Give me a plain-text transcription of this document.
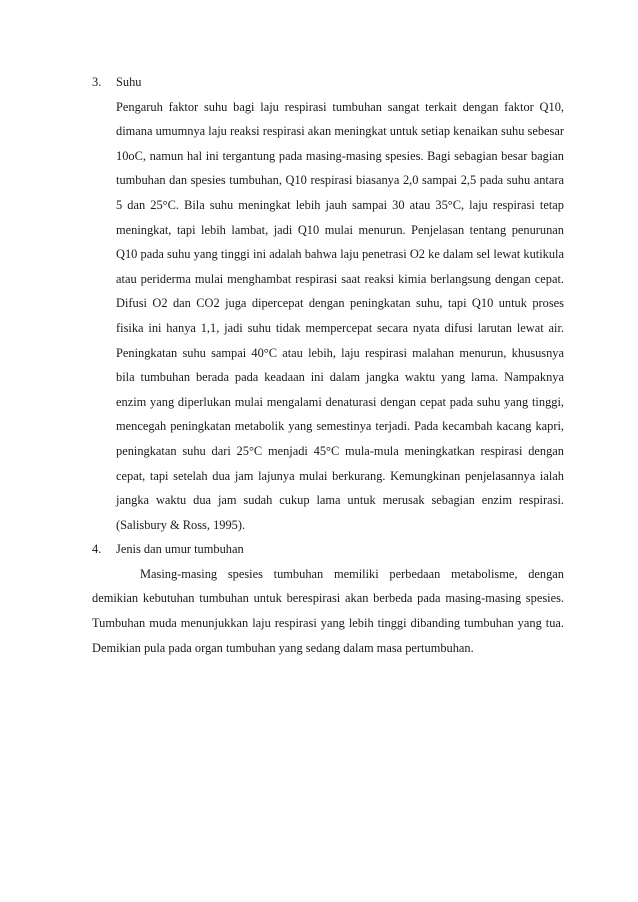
3. Suhu
Pengaruh faktor suhu bagi laju respirasi tumbuhan sangat terkait dengan faktor Q10, dimana umumnya laju reaksi respirasi akan meningkat untuk setiap kenaikan suhu sebesar 10oC, namun hal ini tergantung pada masing-masing spesies. Bagi sebagian besar bagian tumbuhan dan spesies tumbuhan, Q10 respirasi biasanya 2,0 sampai 2,5 pada suhu antara 5 dan 25°C. Bila suhu meningkat lebih jauh sampai 30 atau 35°C, laju respirasi tetap meningkat, tapi lebih lambat, jadi Q10 mulai menurun. Penjelasan tentang penurunan Q10 pada suhu yang tinggi ini adalah bahwa laju penetrasi O2 ke dalam sel lewat kutikula atau periderma mulai menghambat respirasi saat reaksi kimia berlangsung dengan cepat. Difusi O2 dan CO2 juga dipercepat dengan peningkatan suhu, tapi Q10 untuk proses fisika ini hanya 1,1, jadi suhu tidak mempercepat secara nyata difusi larutan lewat air. Peningkatan suhu sampai 40°C atau lebih, laju respirasi malahan menurun, khususnya bila tumbuhan berada pada keadaan ini dalam jangka waktu yang lama. Nampaknya enzim yang diperlukan mulai mengalami denaturasi dengan cepat pada suhu yang tinggi, mencegah peningkatan metabolik yang semestinya terjadi. Pada kecambah kacang kapri, peningkatan suhu dari 25°C menjadi 45°C mula-mula meningkatkan respirasi dengan cepat, tapi setelah dua jam lajunya mulai berkurang. Kemungkinan penjelasannya ialah jangka waktu dua jam sudah cukup lama untuk merusak sebagian enzim respirasi. (Salisbury & Ross, 1995).
4. Jenis dan umur tumbuhan
Masing-masing spesies tumbuhan memiliki perbedaan metabolisme, dengan demikian kebutuhan tumbuhan untuk berespirasi akan berbeda pada masing-masing spesies. Tumbuhan muda menunjukkan laju respirasi yang lebih tinggi dibanding tumbuhan yang tua. Demikian pula pada organ tumbuhan yang sedang dalam masa pertumbuhan.
